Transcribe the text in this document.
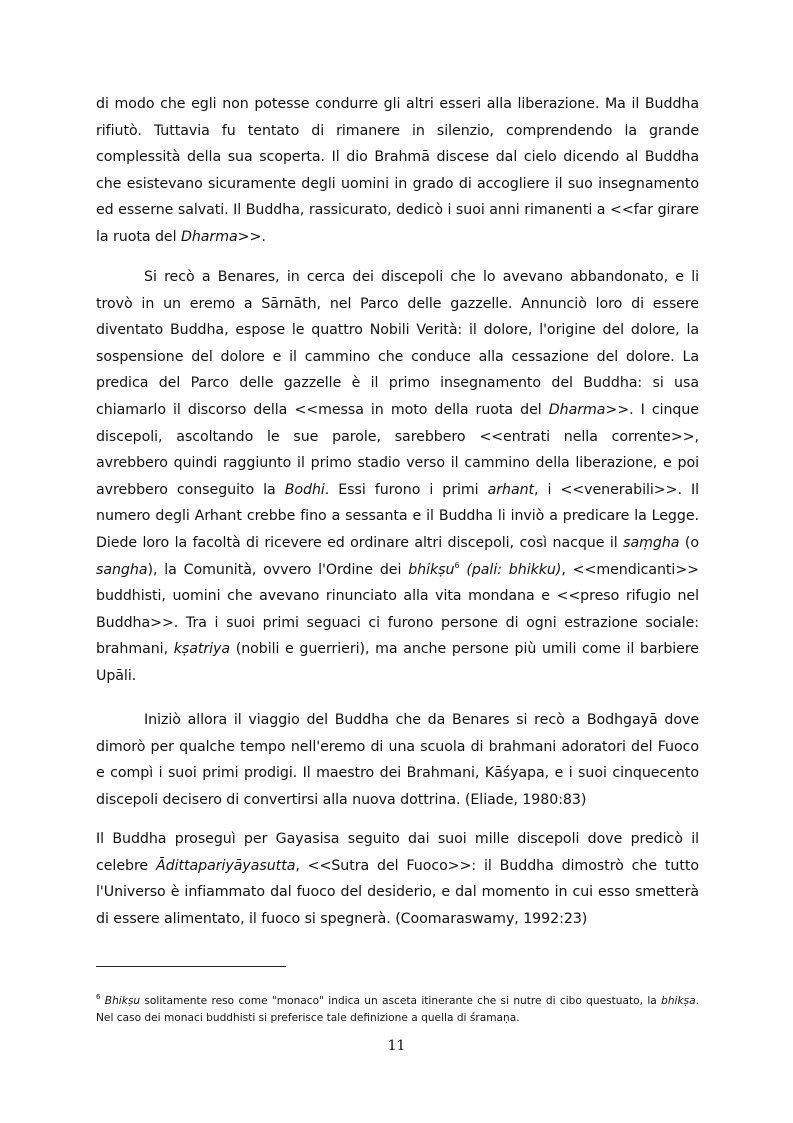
di modo che egli non potesse condurre gli altri esseri alla liberazione. Ma il Buddha rifiutò. Tuttavia fu tentato di rimanere in silenzio, comprendendo la grande complessità della sua scoperta. Il dio Brahmā discese dal cielo dicendo al Buddha che esistevano sicuramente degli uomini in grado di accogliere il suo insegnamento ed esserne salvati. Il Buddha, rassicurato, dedicò i suoi anni rimanenti a <<far girare la ruota del Dharma>>.

Si recò a Benares, in cerca dei discepoli che lo avevano abbandonato, e li trovò in un eremo a Sārnāth, nel Parco delle gazzelle. Annunciò loro di essere diventato Buddha, espose le quattro Nobili Verità: il dolore, l'origine del dolore, la sospensione del dolore e il cammino che conduce alla cessazione del dolore. La predica del Parco delle gazzelle è il primo insegnamento del Buddha: si usa chiamarlo il discorso della <<messa in moto della ruota del Dharma>>. I cinque discepoli, ascoltando le sue parole, sarebbero <<entrati nella corrente>>, avrebbero quindi raggiunto il primo stadio verso il cammino della liberazione, e poi avrebbero conseguito la Bodhi. Essi furono i primi arhant, i <<venerabili>>. Il numero degli Arhant crebbe fino a sessanta e il Buddha li inviò a predicare la Legge. Diede loro la facoltà di ricevere ed ordinare altri discepoli, così nacque il saṃgha (o sangha), la Comunità, ovvero l'Ordine dei bhikṣu$^6$ (pali: bhikku), <<mendicanti>> buddhisti, uomini che avevano rinunciato alla vita mondana e <<preso rifugio nel Buddha>>. Tra i suoi primi seguaci ci furono persone di ogni estrazione sociale: brahmani, kṣatriya (nobili e guerrieri), ma anche persone più umili come il barbiere Upāli.

Iniziò allora il viaggio del Buddha che da Benares si recò a Bodhgayā dove dimorò per qualche tempo nell'eremo di una scuola di brahmani adoratori del Fuoco e compì i suoi primi prodigi. Il maestro dei Brahmani, Kāśyapa, e i suoi cinquecento discepoli decisero di convertirsi alla nuova dottrina. (Eliade, 1980:83)

Il Buddha proseguì per Gayasisa seguito dai suoi mille discepoli dove predicò il celebre Ādittapariyāyasutta, <<Sutra del Fuoco>>: il Buddha dimostrò che tutto l'Universo è infiammato dal fuoco del desiderio, e dal momento in cui esso smetterà di essere alimentato, il fuoco si spegnerà. (Coomaraswamy, 1992:23)

$^6$ Bhikṣu solitamente reso come "monaco" indica un asceta itinerante che si nutre di cibo questuato, la bhikṣa. Nel caso dei monaci buddhisti si preferisce tale definizione a quella di śramaṇa.

11
